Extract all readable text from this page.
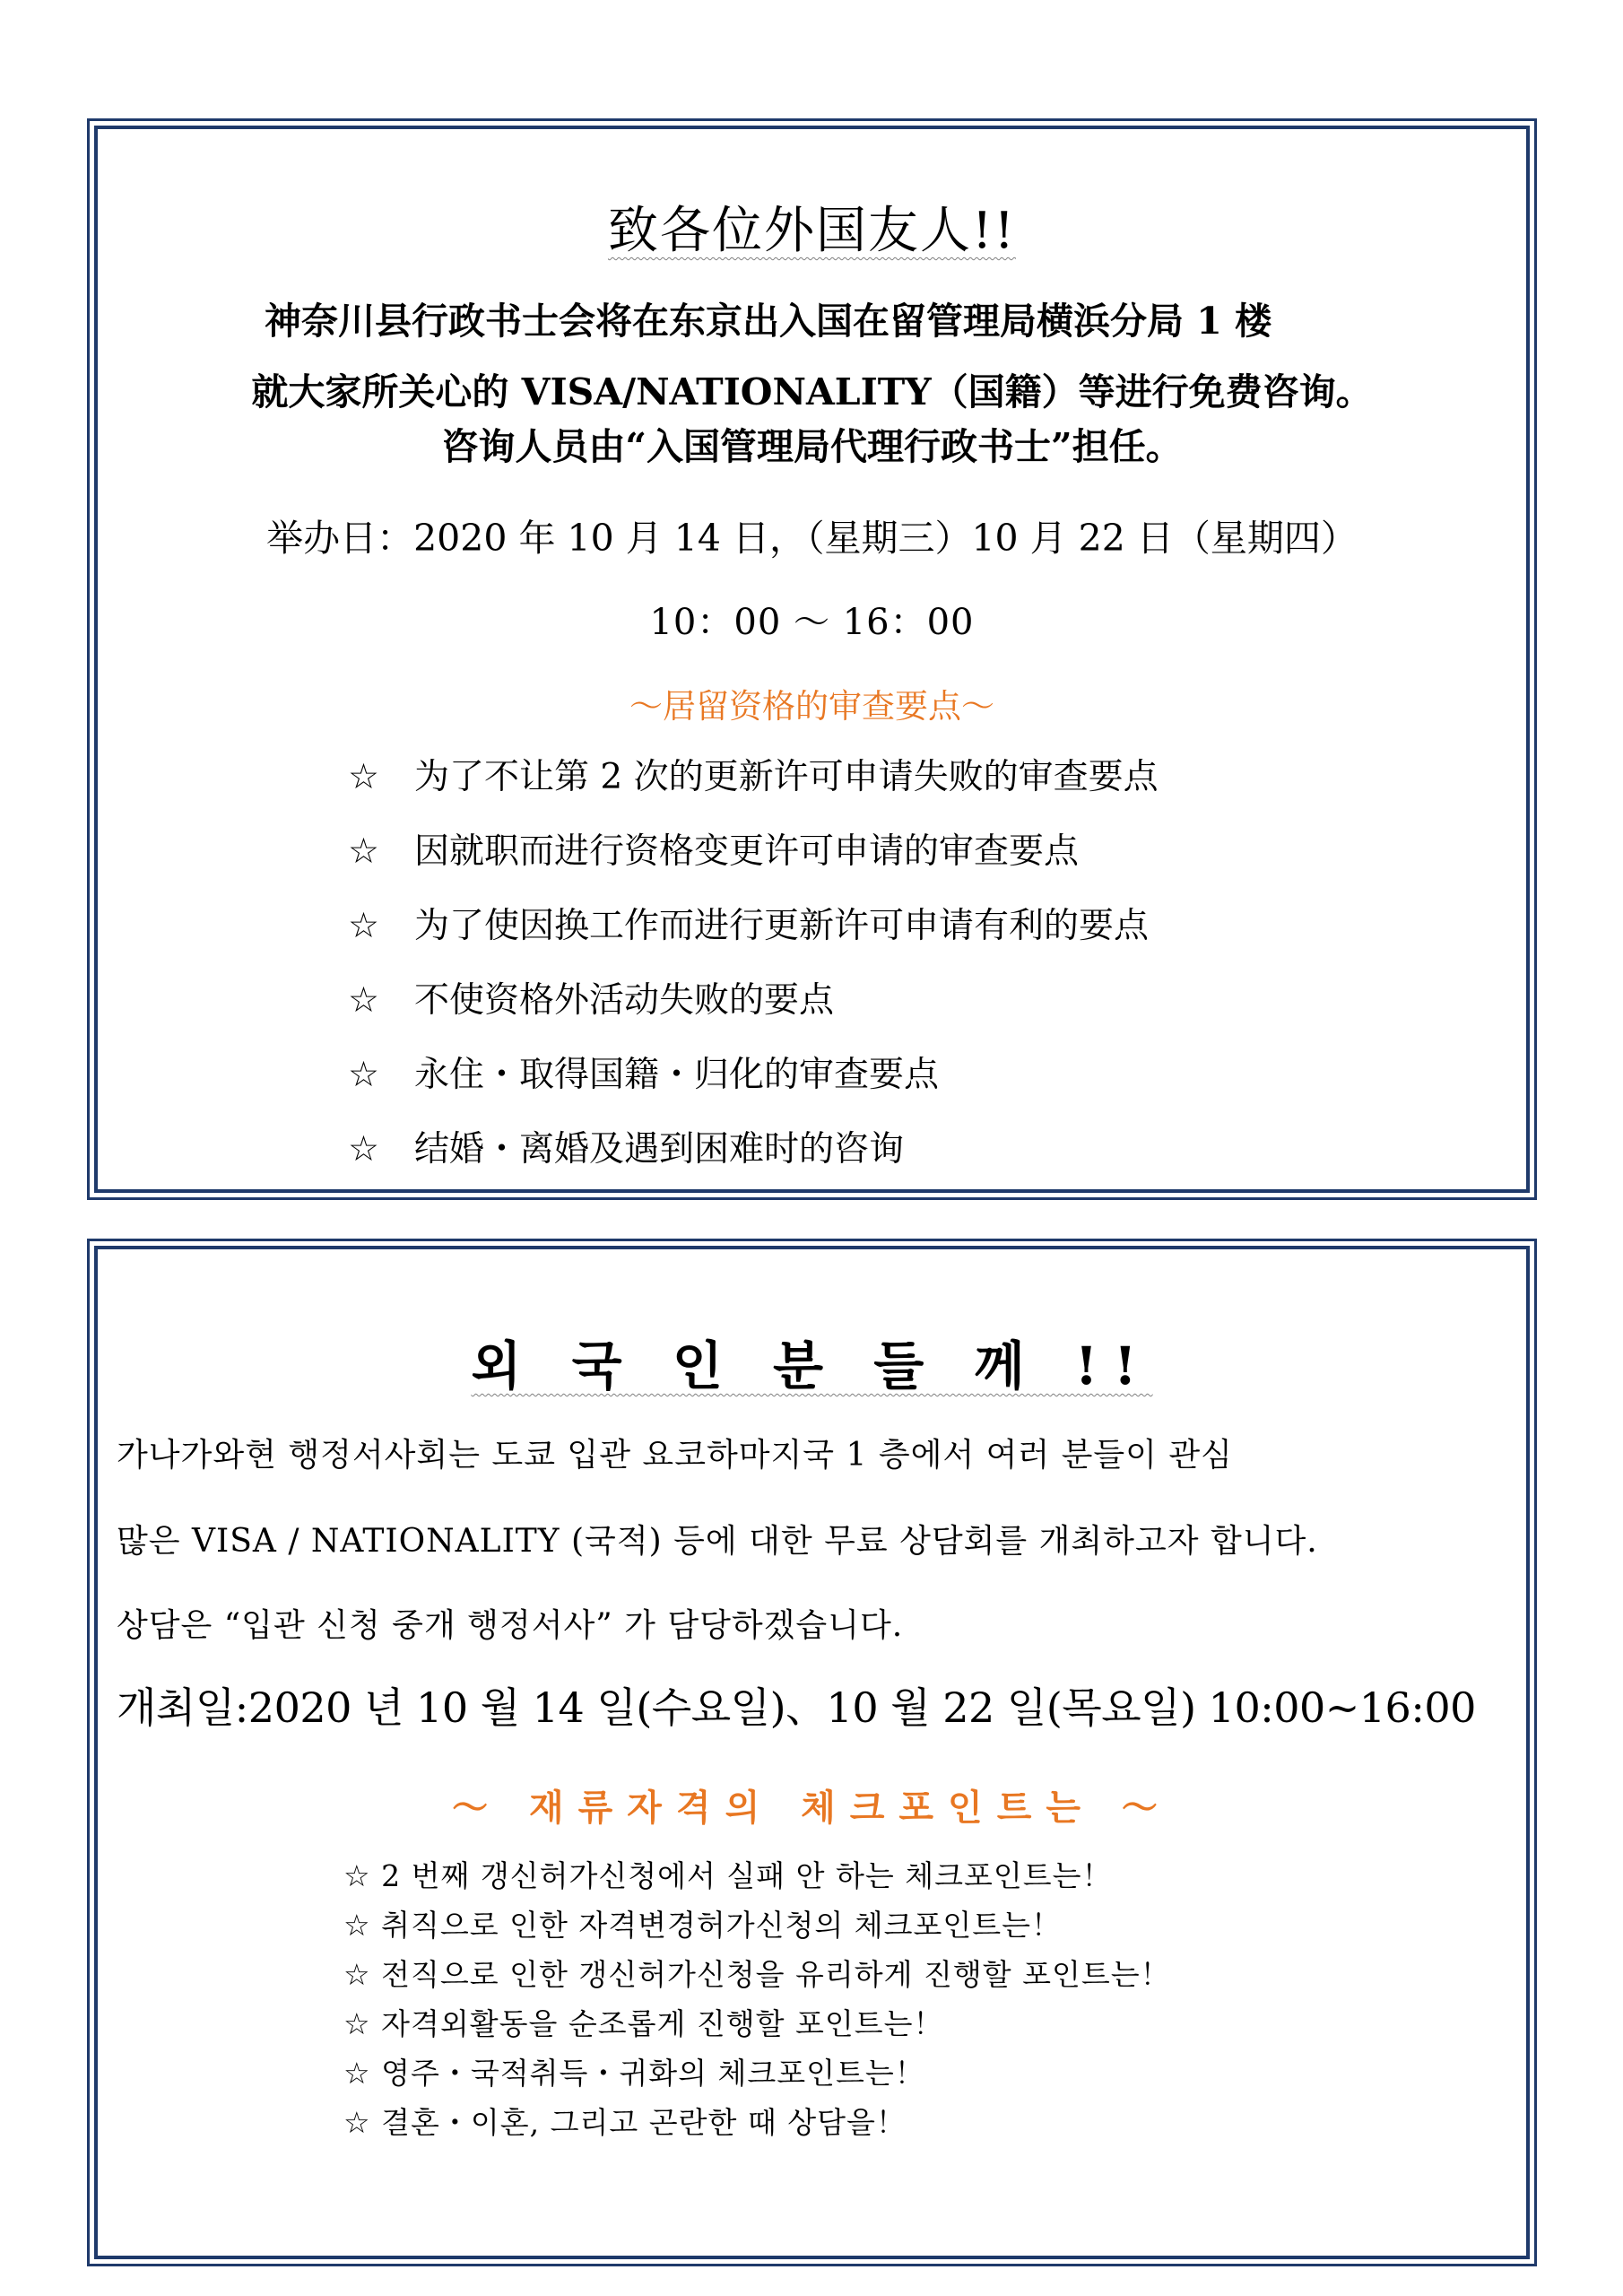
致各位外国友人!!
神奈川县行政书士会将在东京出入国在留管理局横浜分局 1 楼
就大家所关心的 VISA/NATIONALITY（国籍）等进行免费咨询。
咨询人员由“入国管理局代理行政书士”担任。
举办日：2020 年 10 月 14 日，（星期三）10 月 22 日（星期四）
10：00 ～ 16：00
～居留资格的审查要点～
☆  为了不让第 2 次的更新许可申请失败的审查要点
☆  因就职而进行资格变更许可申请的审查要点
☆  为了使因换工作而进行更新许可申请有利的要点
☆  不使资格外活动失败的要点
☆  永住・取得国籍・归化的审查要点
☆  结婚・离婚及遇到困难时的咨询
외 국 인 분 들 께 !!
가나가와현 행정서사회는 도쿄 입관 요코하마지국 1 층에서 여러 분들이 관심
많은 VISA / NATIONALITY (국적) 등에 대한 무료 상담회를 개최하고자 합니다.
상담은 “입관 신청 중개 행정서사” 가 담당하겠습니다.
개최일:2020 년 10 월 14 일(수요일)、10 월 22 일(목요일) 10:00~16:00
～ 재류자격의 체크포인트는 ～
☆ 2 번째 갱신허가신청에서 실패 안 하는 체크포인트는！
☆ 취직으로 인한 자격변경허가신청의 체크포인트는！
☆ 전직으로 인한 갱신허가신청을 유리하게 진행할 포인트는！
☆ 자격외활동을 순조롭게 진행할 포인트는！
☆ 영주・국적취득・귀화의 체크포인트는！
☆ 결혼・이혼, 그리고 곤란한 때 상담을！
